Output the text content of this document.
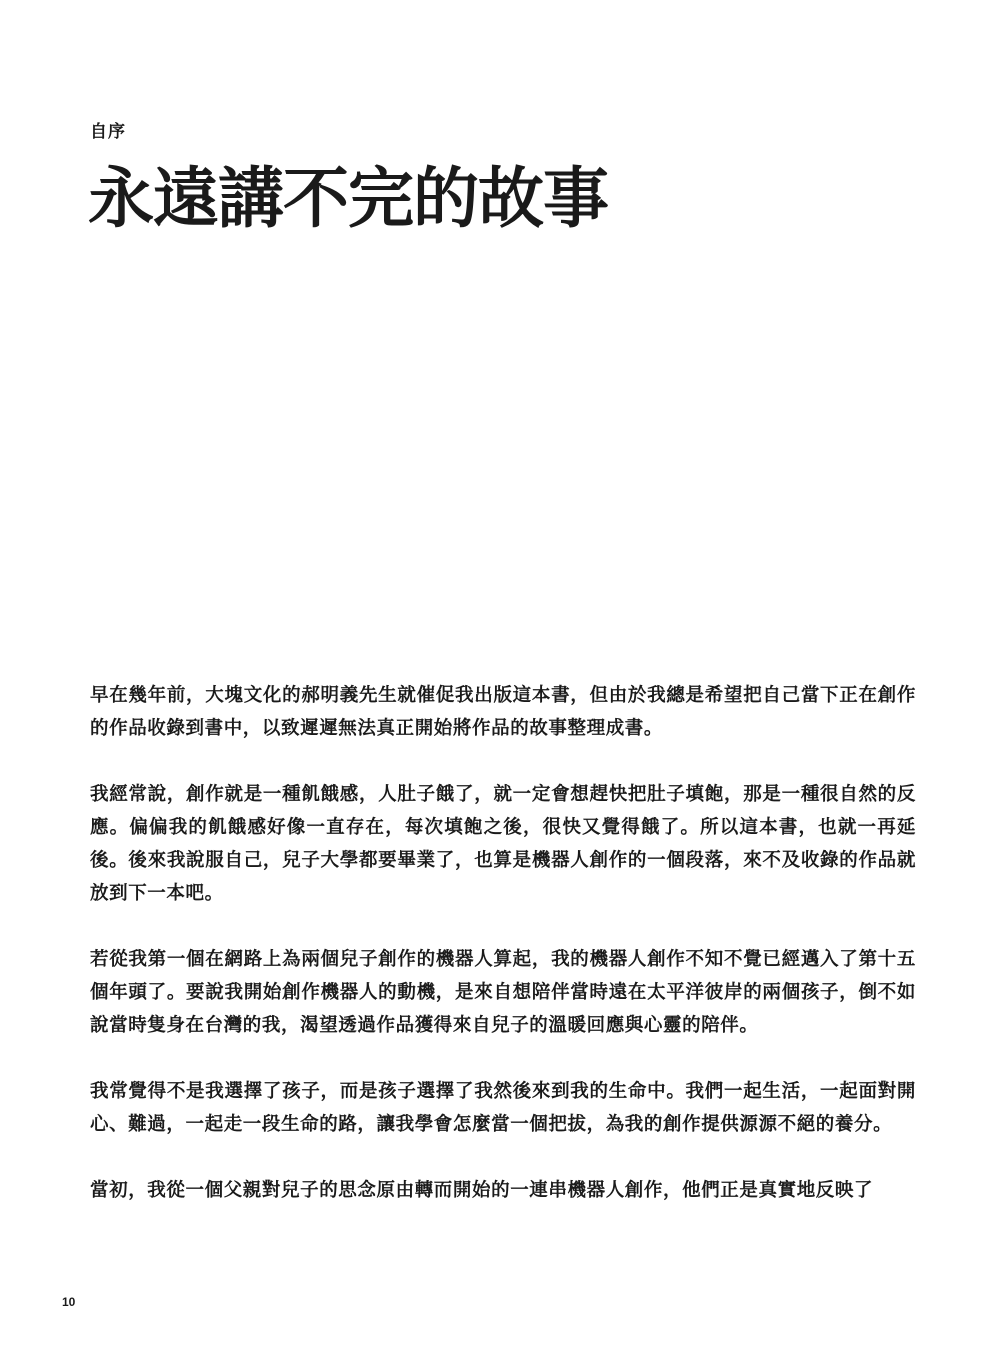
自序
永遠講不完的故事

早在幾年前，大塊文化的郝明義先生就催促我出版這本書，但由於我總是希望把自己當下正在創作的作品收錄到書中，以致遲遲無法真正開始將作品的故事整理成書。

我經常說，創作就是一種飢餓感，人肚子餓了，就一定會想趕快把肚子填飽，那是一種很自然的反應。偏偏我的飢餓感好像一直存在，每次填飽之後，很快又覺得餓了。所以這本書，也就一再延後。後來我說服自己，兒子大學都要畢業了，也算是機器人創作的一個段落，來不及收錄的作品就放到下一本吧。

若從我第一個在網路上為兩個兒子創作的機器人算起，我的機器人創作不知不覺已經邁入了第十五個年頭了。要說我開始創作機器人的動機，是來自想陪伴當時遠在太平洋彼岸的兩個孩子，倒不如說當時隻身在台灣的我，渴望透過作品獲得來自兒子的溫暖回應與心靈的陪伴。

我常覺得不是我選擇了孩子，而是孩子選擇了我然後來到我的生命中。我們一起生活，一起面對開心、難過，一起走一段生命的路，讓我學會怎麼當一個把拔，為我的創作提供源源不絕的養分。

當初，我從一個父親對兒子的思念原由轉而開始的一連串機器人創作，他們正是真實地反映了

10
